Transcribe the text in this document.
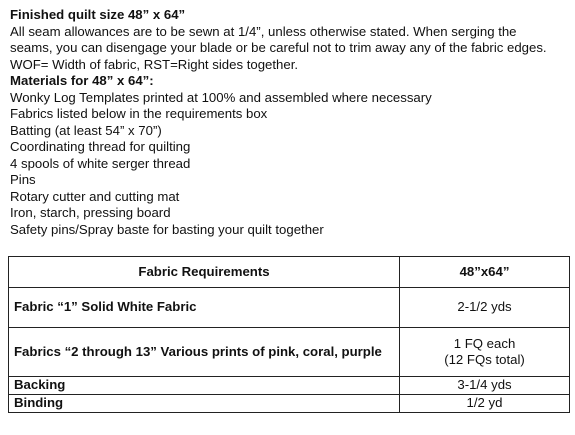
Finished quilt size 48” x 64”
All seam allowances are to be sewn at 1/4”, unless otherwise stated. When serging the
seams, you can disengage your blade or be careful not to trim away any of the fabric edges.
WOF= Width of fabric, RST=Right sides together.
Materials for 48” x 64”:
Wonky Log Templates printed at 100% and assembled where necessary
Fabrics listed below in the requirements box
Batting (at least 54” x 70”)
Coordinating thread for quilting
4 spools of white serger thread
Pins
Rotary cutter and cutting mat
Iron, starch, pressing board
Safety pins/Spray baste for basting your quilt together
Fabric Requirements	48”x64”
Fabric “1” Solid White Fabric	2-1/2 yds
Fabrics “2 through 13” Various prints of pink, coral, purple	1 FQ each
(12 FQs total)

Backing	3-1/4 yds
Binding	1/2 yd
